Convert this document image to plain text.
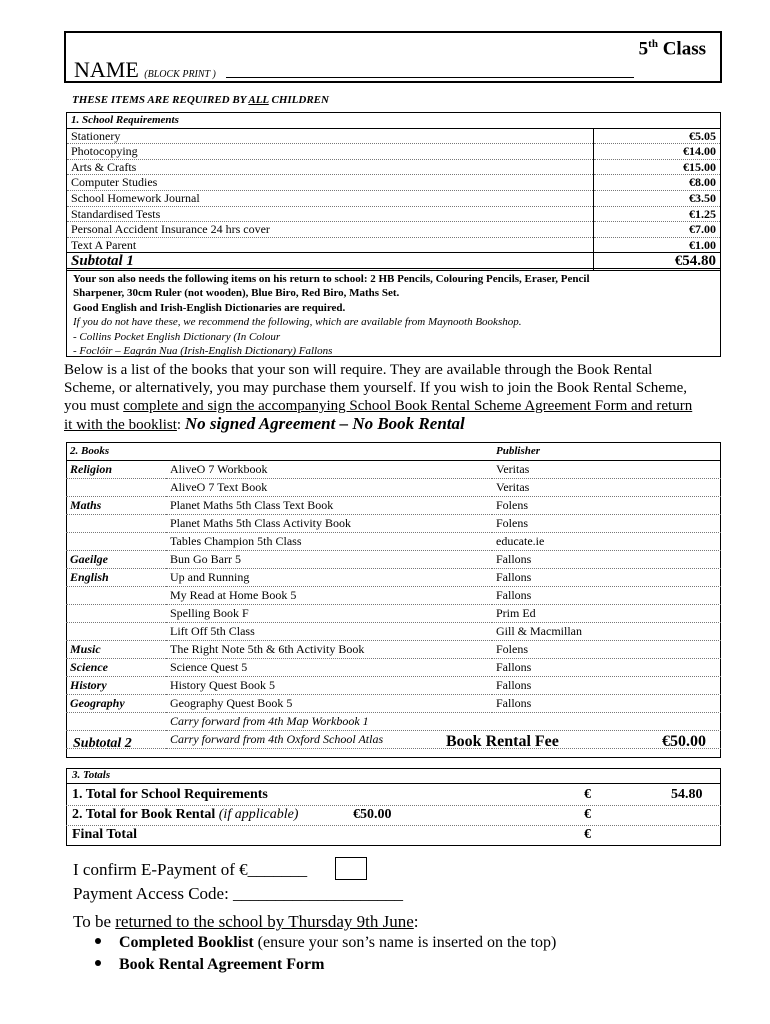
5th Class
NAME (BLOCK PRINT )
THESE ITEMS ARE REQUIRED BY ALL CHILDREN
1. School Requirements	
Stationery	€5.05
Photocopying	€14.00
Arts & Crafts	€15.00
Computer Studies	€8.00
School Homework Journal	€3.50
Standardised Tests	€1.25
Personal Accident Insurance 24 hrs cover	€7.00
Text A Parent	€1.00
Subtotal 1	€54.80
Your son also needs the following items on his return to school: 2 HB Pencils, Colouring Pencils, Eraser, Pencil
Sharpener, 30cm Ruler (not wooden), Blue Biro, Red Biro, Maths Set.
Good English and Irish-English Dictionaries are required.
If you do not have these, we recommend the following, which are available from Maynooth Bookshop.
- Collins Pocket English Dictionary (In Colour
- Foclóir – Eagrán Nua (Irish-English Dictionary) Fallons
Below is a list of the books that your son will require. They are available through the Book Rental
Scheme, or alternatively, you may purchase them yourself. If you wish to join the Book Rental Scheme,
you must complete and sign the accompanying School Book Rental Scheme Agreement Form and return
it with the booklist: No signed Agreement – No Book Rental
2. Books		Publisher
Religion	AliveO 7 Workbook	Veritas
	AliveO 7 Text Book	Veritas
Maths	Planet Maths 5th Class Text Book	Folens
	Planet Maths 5th Class Activity Book	Folens
	Tables Champion 5th Class	educate.ie
Gaeilge	Bun Go Barr 5	Fallons
English	Up and Running	Fallons
	My Read at Home Book 5	Fallons
	Spelling Book F	Prim Ed
	Lift Off 5th Class	Gill & Macmillan
Music	The Right Note 5th & 6th Activity Book	Folens
Science	Science Quest 5	Fallons
History	History Quest Book 5	Fallons
Geography	Geography Quest Book 5	Fallons
	Carry forward from 4th Map Workbook 1	
	Carry forward from 4th Oxford School Atlas	
Subtotal 2	Book Rental Fee	€50.00
3. Totals
1. Total for School Requirements	€	54.80
2. Total for Book Rental (if applicable)	€50.00	€
Final Total	€
I confirm E-Payment of €_______
Payment Access Code: ____________________
To be returned to the school by Thursday 9th June:
Completed Booklist (ensure your son’s name is inserted on the top)
Book Rental Agreement Form
